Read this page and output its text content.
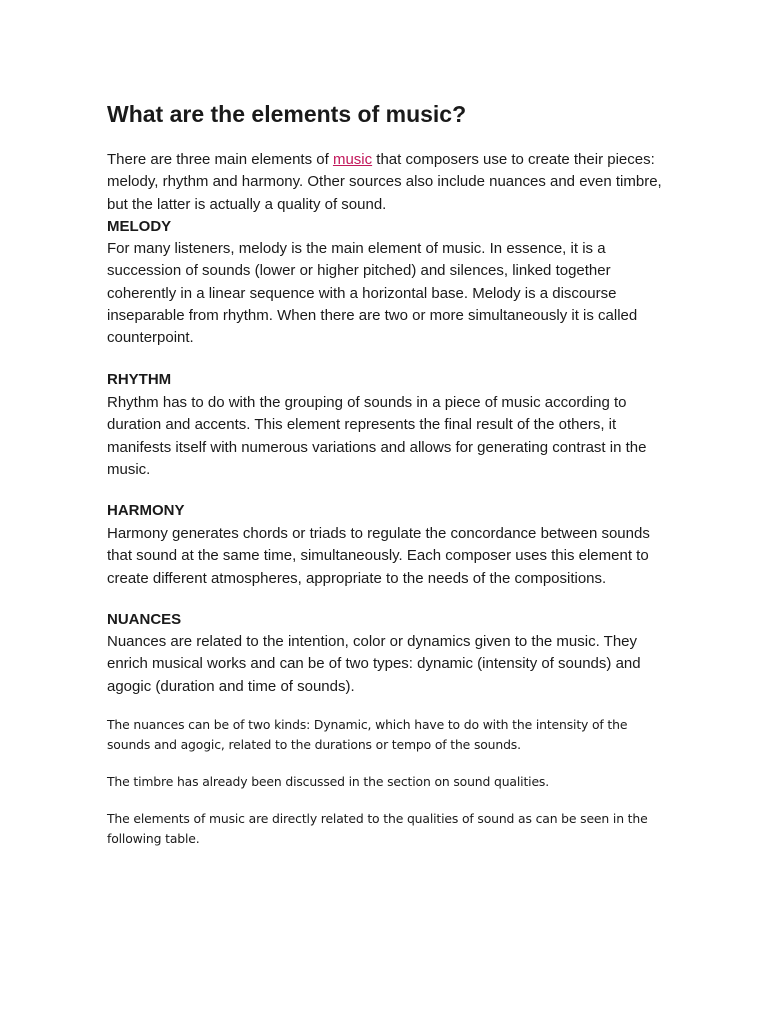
What are the elements of music?

There are three main elements of music that composers use to create their pieces: melody, rhythm and harmony. Other sources also include nuances and even timbre, but the latter is actually a quality of sound.

MELODY

For many listeners, melody is the main element of music. In essence, it is a succession of sounds (lower or higher pitched) and silences, linked together coherently in a linear sequence with a horizontal base. Melody is a discourse inseparable from rhythm. When there are two or more simultaneously it is called counterpoint.

RHYTHM

Rhythm has to do with the grouping of sounds in a piece of music according to duration and accents. This element represents the final result of the others, it manifests itself with numerous variations and allows for generating contrast in the music.

HARMONY

Harmony generates chords or triads to regulate the concordance between sounds that sound at the same time, simultaneously. Each composer uses this element to create different atmospheres, appropriate to the needs of the compositions.

NUANCES

Nuances are related to the intention, color or dynamics given to the music. They enrich musical works and can be of two types: dynamic (intensity of sounds) and agogic (duration and time of sounds).

The nuances can be of two kinds: Dynamic, which have to do with the intensity of the sounds and agogic, related to the durations or tempo of the sounds.

The timbre has already been discussed in the section on sound qualities.

The elements of music are directly related to the qualities of sound as can be seen in the following table.
